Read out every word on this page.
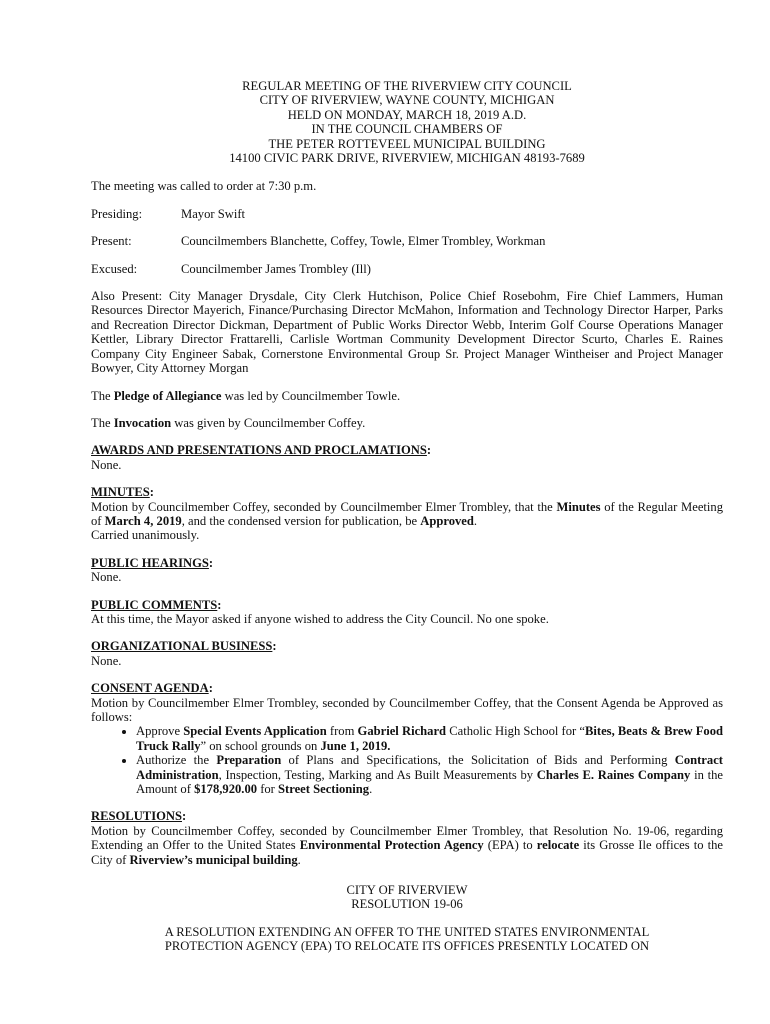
REGULAR MEETING OF THE RIVERVIEW CITY COUNCIL
CITY OF RIVERVIEW, WAYNE COUNTY, MICHIGAN
HELD ON MONDAY, MARCH 18, 2019 A.D.
IN THE COUNCIL CHAMBERS OF
THE PETER ROTTEVEEL MUNICIPAL BUILDING
14100 CIVIC PARK DRIVE, RIVERVIEW, MICHIGAN 48193-7689

The meeting was called to order at 7:30 p.m.

Presiding:	Mayor Swift
Present:	Councilmembers Blanchette, Coffey, Towle, Elmer Trombley, Workman
Excused:	Councilmember James Trombley (Ill)

Also Present: City Manager Drysdale, City Clerk Hutchison, Police Chief Rosebohm, Fire Chief Lammers, Human Resources Director Mayerich, Finance/Purchasing Director McMahon, Information and Technology Director Harper, Parks and Recreation Director Dickman, Department of Public Works Director Webb, Interim Golf Course Operations Manager Kettler, Library Director Frattarelli, Carlisle Wortman Community Development Director Scurto, Charles E. Raines Company City Engineer Sabak, Cornerstone Environmental Group Sr. Project Manager Wintheiser and Project Manager Bowyer, City Attorney Morgan

The Pledge of Allegiance was led by Councilmember Towle.

The Invocation was given by Councilmember Coffey.

AWARDS AND PRESENTATIONS AND PROCLAMATIONS:
None.
MINUTES:
Motion by Councilmember Coffey, seconded by Councilmember Elmer Trombley, that the Minutes of the Regular Meeting of March 4, 2019, and the condensed version for publication, be Approved.
Carried unanimously.
PUBLIC HEARINGS:
None.
PUBLIC COMMENTS:
At this time, the Mayor asked if anyone wished to address the City Council. No one spoke.
ORGANIZATIONAL BUSINESS:
None.
CONSENT AGENDA:
Motion by Councilmember Elmer Trombley, seconded by Councilmember Coffey, that the Consent Agenda be Approved as follows:
• Approve Special Events Application from Gabriel Richard Catholic High School for “Bites, Beats & Brew Food Truck Rally” on school grounds on June 1, 2019.
• Authorize the Preparation of Plans and Specifications, the Solicitation of Bids and Performing Contract Administration, Inspection, Testing, Marking and As Built Measurements by Charles E. Raines Company in the Amount of $178,920.00 for Street Sectioning.
RESOLUTIONS:
Motion by Councilmember Coffey, seconded by Councilmember Elmer Trombley, that Resolution No. 19-06, regarding Extending an Offer to the United States Environmental Protection Agency (EPA) to relocate its Grosse Ile offices to the City of Riverview’s municipal building.
CITY OF RIVERVIEW
RESOLUTION 19-06
A RESOLUTION EXTENDING AN OFFER TO THE UNITED STATES ENVIRONMENTAL
PROTECTION AGENCY (EPA) TO RELOCATE ITS OFFICES PRESENTLY LOCATED ON
